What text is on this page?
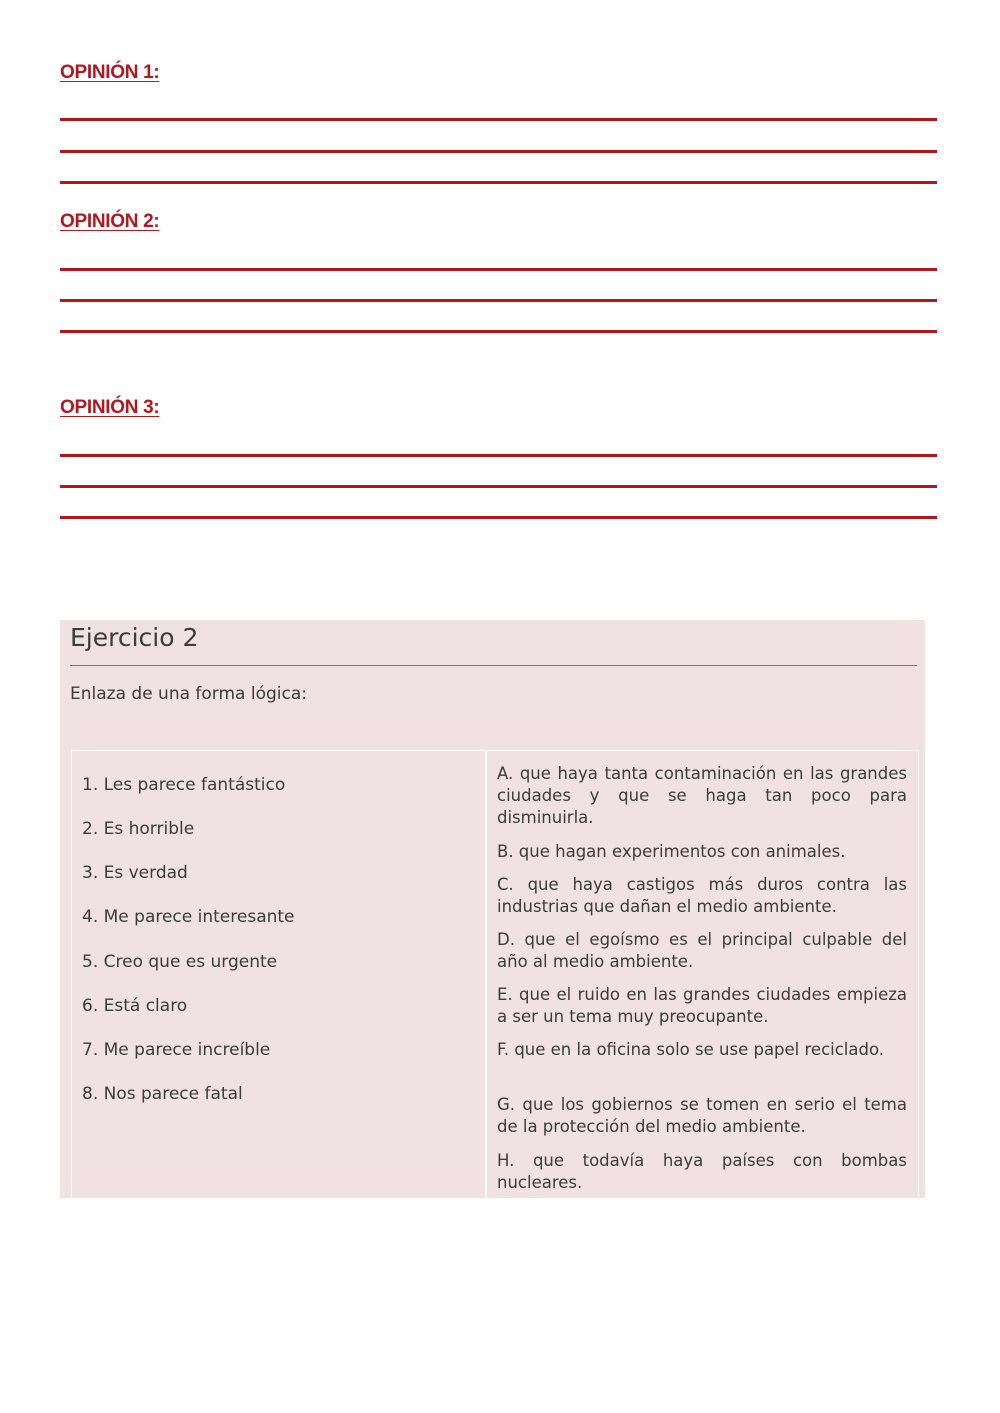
OPINIÓN 1:
OPINIÓN 2:
OPINIÓN 3:
Ejercicio 2

Enlaza de una forma lógica:

1. Les parece fantástico

2. Es horrible

3. Es verdad

4. Me parece interesante

5. Creo que es urgente

6. Está claro

7. Me parece increíble

8. Nos parece fatal

A. que haya tanta contaminación en las grandes ciudades y que se haga tan poco para disminuirla.

B. que hagan experimentos con animales.

C. que haya castigos más duros contra las industrias que dañan el medio ambiente.

D. que el egoísmo es el principal culpable del año al medio ambiente.

E. que el ruido en las grandes ciudades empieza a ser un tema muy preocupante.

F. que en la oficina solo se use papel reciclado.

G. que los gobiernos se tomen en serio el tema de la protección del medio ambiente.

H. que todavía haya países con bombas nucleares.
